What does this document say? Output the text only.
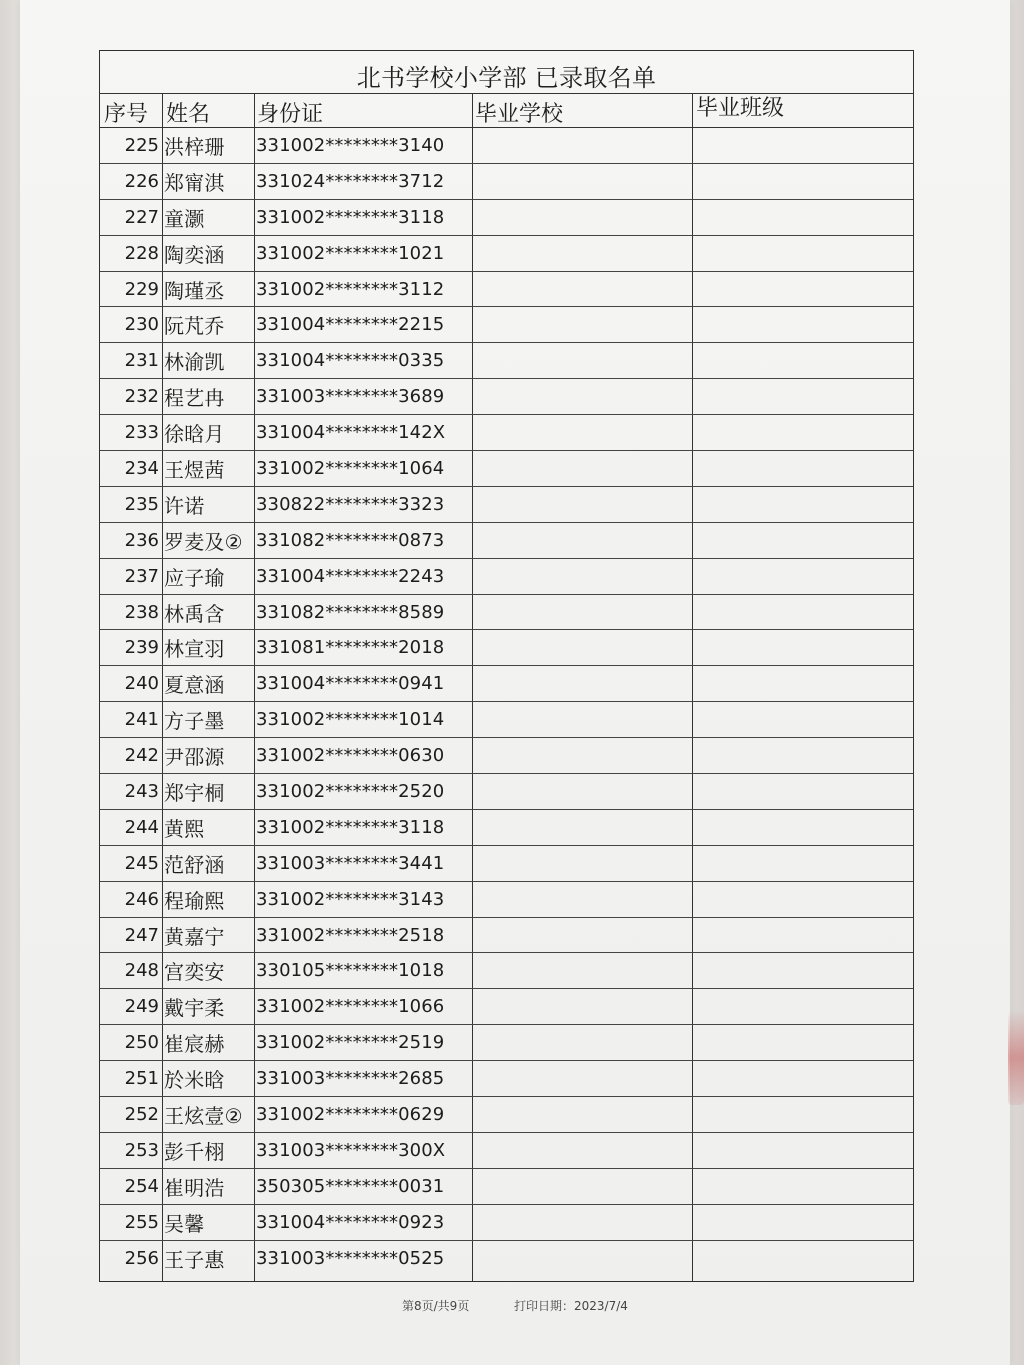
北书学校小学部 已录取名单
序号 姓名 身份证	毕业学校	毕业班级
225 洪梓珊	331002********3140
226 郑甯淇	331024********3712
227 童灏	331002********3118
228 陶奕涵	331002********1021
229 陶瑾丞	331002********3112
230 阮芃乔	331004********2215
231 林渝凯	331004********0335
232 程艺冉	331003********3689
233 徐晗月	331004********142X
234 王煜茜	331002********1064
235 许诺	330822********3323
236 罗麦及② 331082********0873
237 应子瑜	331004********2243
238 林禹含	331082********8589
239 林宣羽	331081********2018
240 夏意涵	331004********0941
241 方子墨	331002********1014
242 尹邵源	331002********0630
243 郑宇桐	331002********2520
244 黄熙	331002********3118
245 范舒涵	331003********3441
246 程瑜熙	331002********3143
247 黄嘉宁	331002********2518
248 宫奕安	330105********1018
249 戴宇柔	331002********1066
250 崔宸赫	331002********2519
251 於米晗	331003********2685
252 王炫壹② 331002********0629
253 彭千栩	331003********300X
254 崔明浩	350305********0031
255 吴馨	331004********0923
256 王子惠	331003********0525
第8页/共9页	打印日期：2023/7/4
